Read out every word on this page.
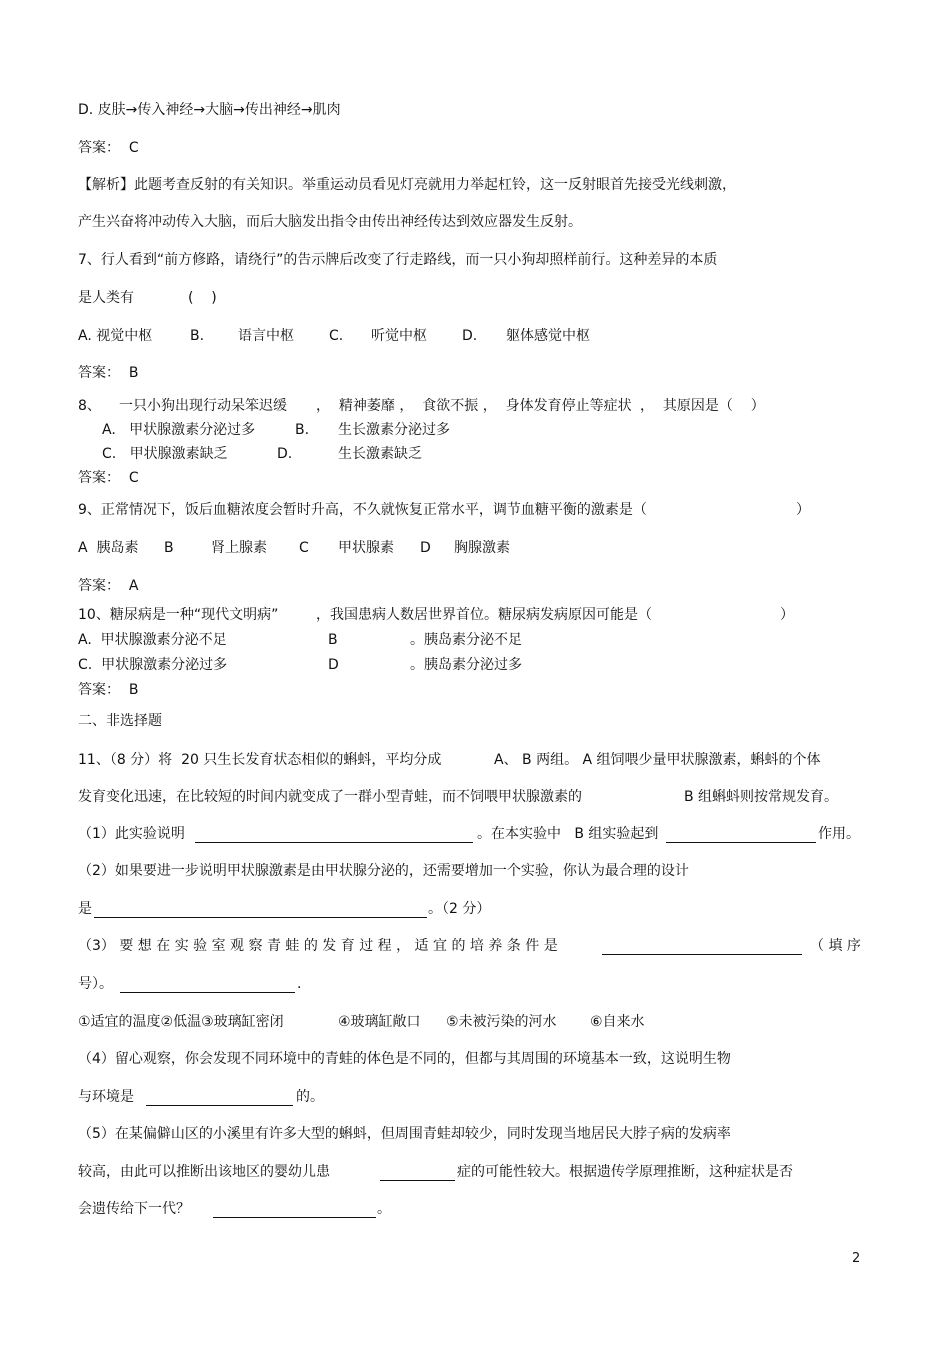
D. 皮肤→传入神经→大脑→传出神经→肌肉
答案：  C
【解析】此题考查反射的有关知识。举重运动员看见灯亮就用力举起杠铃，这一反射眼首先接受光线刺激，
产生兴奋将冲动传入大脑，而后大脑发出指令由传出神经传达到效应器发生反射。
7、行人看到“前方修路，请绕行”的告示牌后改变了行走路线，而一只小狗却照样前行。这种差异的本质
是人类有	(    )
A. 视觉中枢	B. 语言中枢	C. 听觉中枢	D. 躯体感觉中枢
答案：  B
8、 一只小狗出现行动呆笨迟缓 ，  精神萎靡 ，  食欲不振 ，  身体发育停止等症状 ，  其原因是（    ）
A.   甲状腺激素分泌过多	B. 生长激素分泌过多
C.   甲状腺激素缺乏	D.	生长激素缺乏
答案：  C
9、正常情况下，饭后血糖浓度会暂时升高，不久就恢复正常水平，调节血糖平衡的激素是（	）
A  胰岛素 B	肾上腺素 C 甲状腺素 D 胸腺激素
答案：  A
10、糖尿病是一种“现代文明病”	，我国患病人数居世界首位。糖尿病发病原因可能是（	）
A.  甲状腺激素分泌不足	B	。胰岛素分泌不足
C.  甲状腺激素分泌过多	D	。胰岛素分泌过多
答案：  B
二、非选择题
11、（8 分）将  20 只生长发育状态相似的蝌蚪，平均分成	A、 B 两组。 A 组饲喂少量甲状腺激素，蝌蚪的个体
发育变化迅速，在比较短的时间内就变成了一群小型青蛙，而不饲喂甲状腺激素的	B 组蝌蚪则按常规发育。
（1）此实验说明	。在本实验中   B 组实验起到	作用。
（2）如果要进一步说明甲状腺激素是由甲状腺分泌的，还需要增加一个实验，你认为最合理的设计
是	。（2 分）
（3） 要 想 在 实 验 室 观 察 青 蛙 的 发 育 过 程 ， 适 宜 的 培 养 条 件 是	（ 填 序
号）。	.
①适宜的温度②低温③玻璃缸密闭	④玻璃缸敞口 ⑤未被污染的河水 ⑥自来水
（4）留心观察，你会发现不同环境中的青蛙的体色是不同的，但都与其周围的环境基本一致，这说明生物
与环境是	的。
（5）在某偏僻山区的小溪里有许多大型的蝌蚪，但周围青蛙却较少，同时发现当地居民大脖子病的发病率
较高，由此可以推断出该地区的婴幼儿患	症的可能性较大。根据遗传学原理推断，这种症状是否
会遗传给下一代？	。
2
